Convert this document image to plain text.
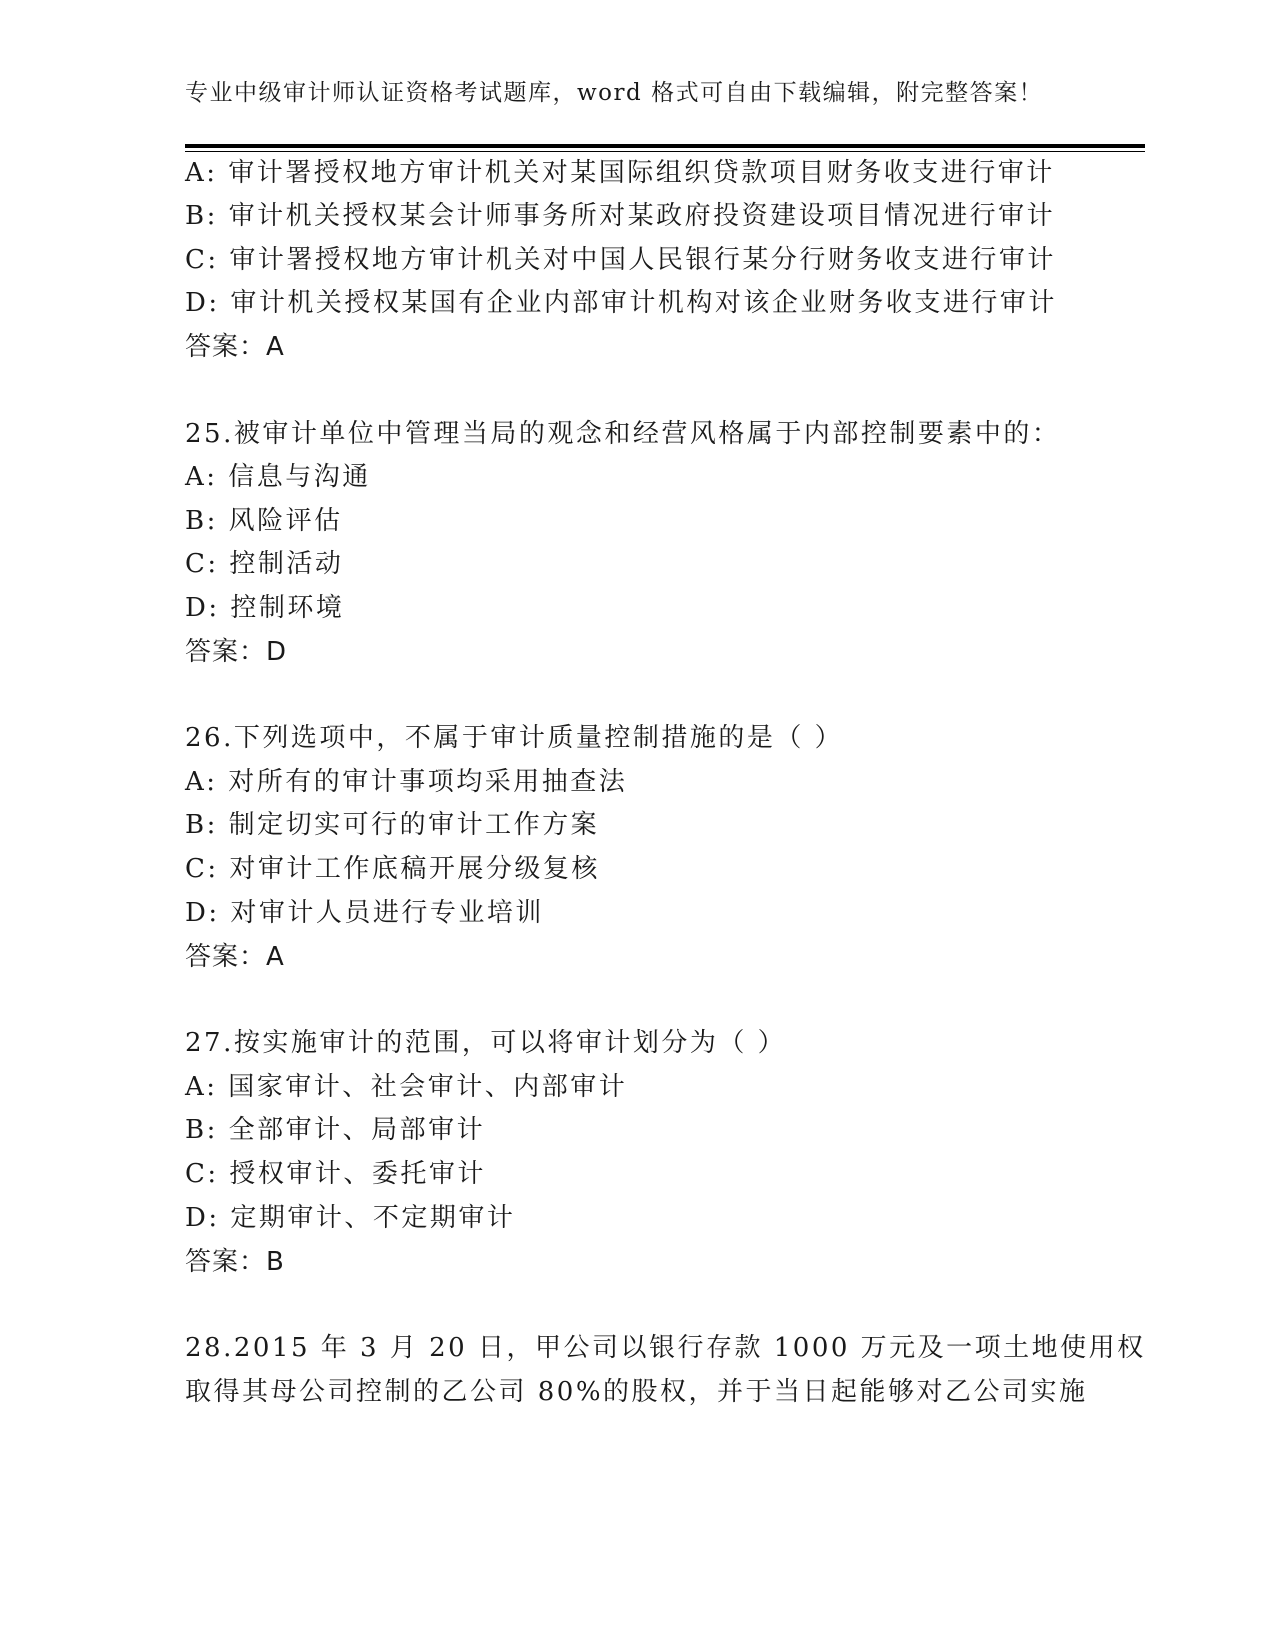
专业中级审计师认证资格考试题库，word 格式可自由下载编辑，附完整答案！
A: 审计署授权地方审计机关对某国际组织贷款项目财务收支进行审计
B: 审计机关授权某会计师事务所对某政府投资建设项目情况进行审计
C: 审计署授权地方审计机关对中国人民银行某分行财务收支进行审计
D: 审计机关授权某国有企业内部审计机构对该企业财务收支进行审计
答案：A
25.被审计单位中管理当局的观念和经营风格属于内部控制要素中的：
A: 信息与沟通
B: 风险评估
C: 控制活动
D: 控制环境
答案：D
26.下列选项中，不属于审计质量控制措施的是（ ）
A: 对所有的审计事项均采用抽查法
B: 制定切实可行的审计工作方案
C: 对审计工作底稿开展分级复核
D: 对审计人员进行专业培训
答案：A
27.按实施审计的范围，可以将审计划分为（ ）
A: 国家审计、社会审计、内部审计
B: 全部审计、局部审计
C: 授权审计、委托审计
D: 定期审计、不定期审计
答案：B
28.2015 年 3 月 20 日，甲公司以银行存款 1000 万元及一项土地使用权
取得其母公司控制的乙公司 80%的股权，并于当日起能够对乙公司实施
